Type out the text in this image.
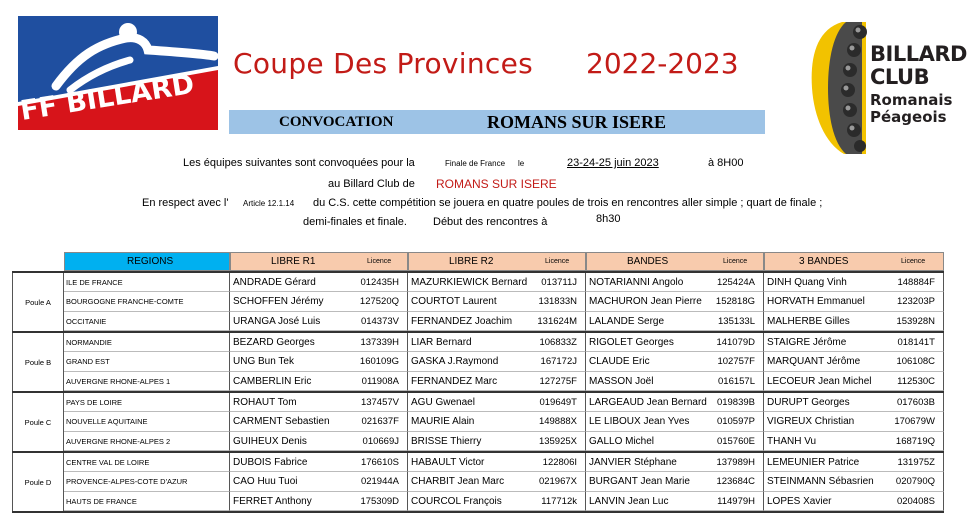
FF BILLARD
Coupe Des Provinces 2022-2023	BILLARD
CLUB
Romanais
Péageois
CONVOCATION	ROMANS SUR ISERE
Les équipes suivantes sont convoquées pour la	Finale de France le	23-24-25 juin 2023	à 8H00
au Billard Club de ROMANS SUR ISERE
En respect avec l' Article 12.1.14 du C.S. cette compétition se jouera en quatre poules de trois en rencontres aller simple ; quart de finale ;
demi-finales et finale. Début des rencontres à	8h30
REGIONS	LIBRE R1	Licence	LIBRE R2	Licence	BANDES	Licence	3 BANDES	Licence
Poule A
ILE DE FRANCE	ANDRADE Gérard	012435H MAZURKIEWICK Bernard 013711J NOTARIANNI Angolo	125424A DINH Quang Vinh	148884F
BOURGOGNE FRANCHE-COMTE	SCHOFFEN Jérémy	127520Q COURTOT Laurent	131833N MACHURON Jean Pierre 152818G HORVATH Emmanuel	123203P
OCCITANIE	URANGA José Luis	014373V FERNANDEZ Joachim	131624M LALANDE Serge	135133L MALHERBE Gilles	153928N
Poule B
NORMANDIE	BEZARD Georges	137339H LIAR Bernard	106833Z RIGOLET Georges	141079D STAIGRE Jérôme	018141T
GRAND EST	UNG Bun Tek	160109G GASKA J.Raymond	167172J CLAUDE Eric	102757F MARQUANT Jérôme	106108C
AUVERGNE RHONE-ALPES 1	CAMBERLIN Eric	011908A FERNANDEZ Marc	127275F MASSON Joël	016157L LECOEUR Jean Michel	112530C
Poule C
PAYS DE LOIRE	ROHAUT Tom	137457V AGU Gwenael	019649T LARGEAUD Jean Bernard 019839B DURUPT Georges	017603B
NOUVELLE AQUITAINE	CARMENT Sebastien	021637F MAURIE Alain	149888X LE LIBOUX Jean Yves	010597P VIGREUX Christian	170679W
AUVERGNE RHONE-ALPES 2	GUIHEUX Denis	010669J BRISSE Thierry	135925X GALLO Michel	015760E THANH Vu	168719Q
Poule D
CENTRE VAL DE LOIRE	DUBOIS Fabrice	176610S HABAULT Victor	122806I JANVIER Stéphane	137989H LEMEUNIER Patrice	131975Z
PROVENCE-ALPES-COTE D'AZUR	CAO Huu Tuoi	021944A CHARBIT Jean Marc	021967X BURGANT Jean Marie	123684C STEINMANN Sébasrien 020790Q
HAUTS DE FRANCE	FERRET Anthony	175309D COURCOL François	117712k LANVIN Jean Luc	114979H LOPES Xavier	020408S
